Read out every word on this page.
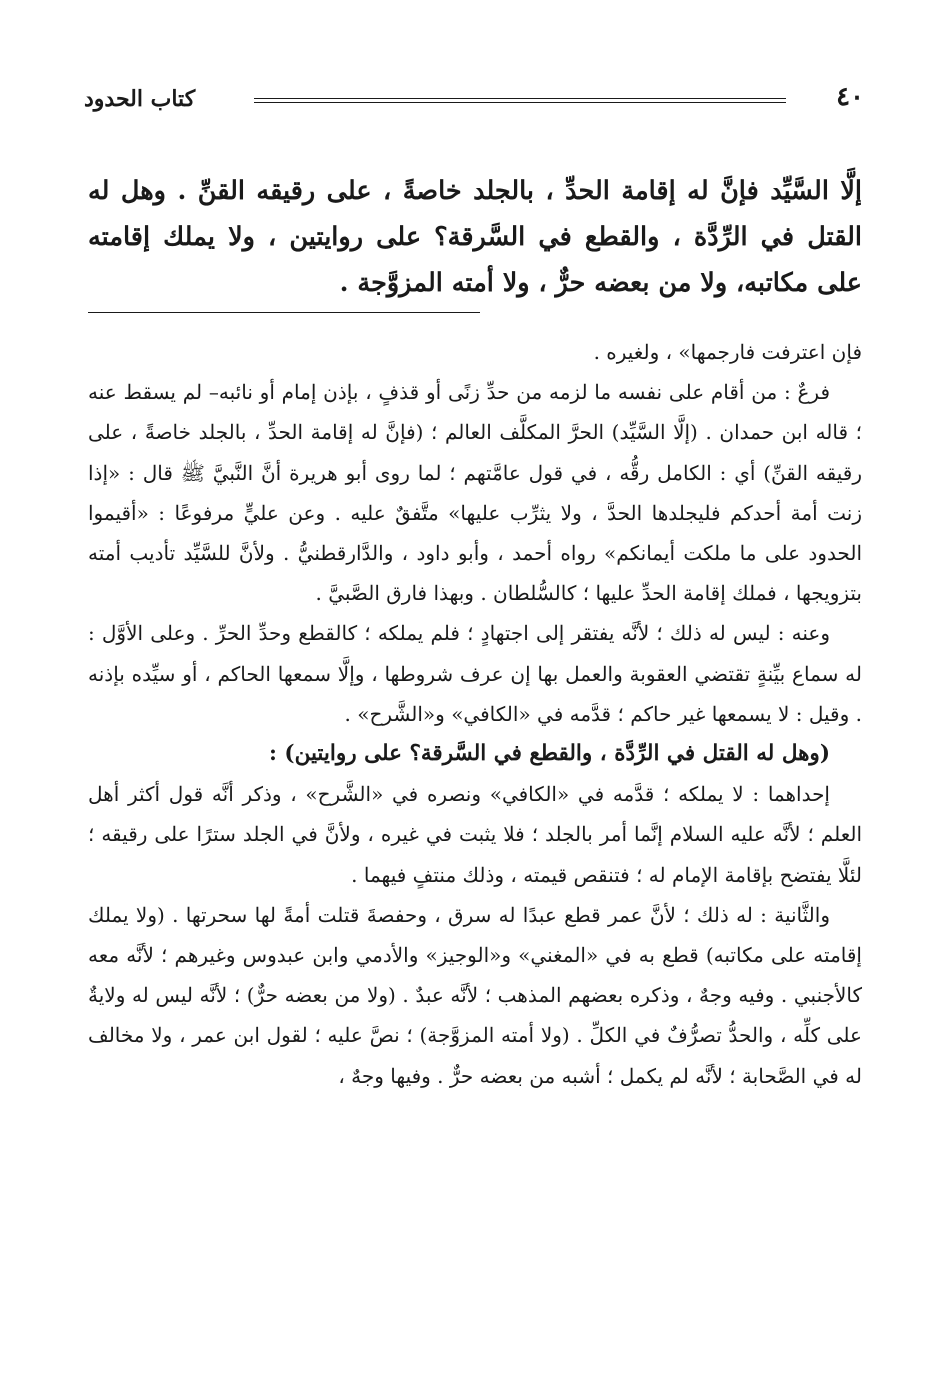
كتاب الحدود	٤٠

إلَّا السَّيِّد فإنَّ له إقامة الحدِّ ، بالجلد خاصةً ، على رقيقه القنِّ . وهل له القتل في الرِّدَّة ، والقطع في السَّرقة؟ على روايتين ، ولا يملك إقامته على مكاتبه، ولا من بعضه حرٌّ ، ولا أمته المزوَّجة .

فإن اعترفت فارجمها» ، ولغيره .

فرعٌ : من أقام على نفسه ما لزمه من حدِّ زنًى أو قذفٍ ، بإذن إمام أو نائبه– لم يسقط عنه ؛ قاله ابن حمدان . (إلَّا السَّيِّد) الحرَّ المكلَّف العالم ؛ (فإنَّ له إقامة الحدِّ ، بالجلد خاصةً ، على رقيقه القنِّ) أي : الكامل رقُّه ، في قول عامَّتهم ؛ لما روى أبو هريرة أنَّ النَّبيَّ ﷺ قال : «إذا زنت أمة أحدكم فليجلدها الحدَّ ، ولا يثرِّب عليها» متَّفقٌ عليه . وعن عليٍّ مرفوعًا : «أقيموا الحدود على ما ملكت أيمانكم» رواه أحمد ، وأبو داود ، والدَّارقطنيُّ . ولأنَّ للسَّيِّد تأديب أمته بتزويجها ، فملك إقامة الحدِّ عليها ؛ كالسُّلطان . وبهذا فارق الصَّبيَّ .

وعنه : ليس له ذلك ؛ لأنَّه يفتقر إلى اجتهادٍ ؛ فلم يملكه ؛ كالقطع وحدِّ الحرِّ . وعلى الأوَّل : له سماع بيِّنةٍ تقتضي العقوبة والعمل بها إن عرف شروطها ، وإلَّا سمعها الحاكم ، أو سيِّده بإذنه . وقيل : لا يسمعها غير حاكم ؛ قدَّمه في «الكافي» و«الشَّرح» .

(وهل له القتل في الرِّدَّة ، والقطع في السَّرقة؟ على روايتين) :

إحداهما : لا يملكه ؛ قدَّمه في «الكافي» ونصره في «الشَّرح» ، وذكر أنَّه قول أكثر أهل العلم ؛ لأنَّه عليه السلام إنَّما أمر بالجلد ؛ فلا يثبت في غيره ، ولأنَّ في الجلد سترًا على رقيقه ؛ لئلَّا يفتضح بإقامة الإمام له ؛ فتنقص قيمته ، وذلك منتفٍ فيهما .

والثَّانية : له ذلك ؛ لأنَّ عمر قطع عبدًا له سرق ، وحفصةَ قتلت أمةً لها سحرتها . (ولا يملك إقامته على مكاتبه) قطع به في «المغني» و«الوجيز» والأدمي وابن عبدوس وغيرهم ؛ لأنَّه معه كالأجنبي . وفيه وجهٌ ، وذكره بعضهم المذهب ؛ لأنَّه عبدٌ . (ولا من بعضه حرٌّ) ؛ لأنَّه ليس له ولايةٌ على كلِّه ، والحدُّ تصرُّفٌ في الكلِّ . (ولا أمته المزوَّجة) ؛ نصَّ عليه ؛ لقول ابن عمر ، ولا مخالف له في الصَّحابة ؛ لأنَّه لم يكمل ؛ أشبه من بعضه حرٌّ . وفيها وجهٌ ،
